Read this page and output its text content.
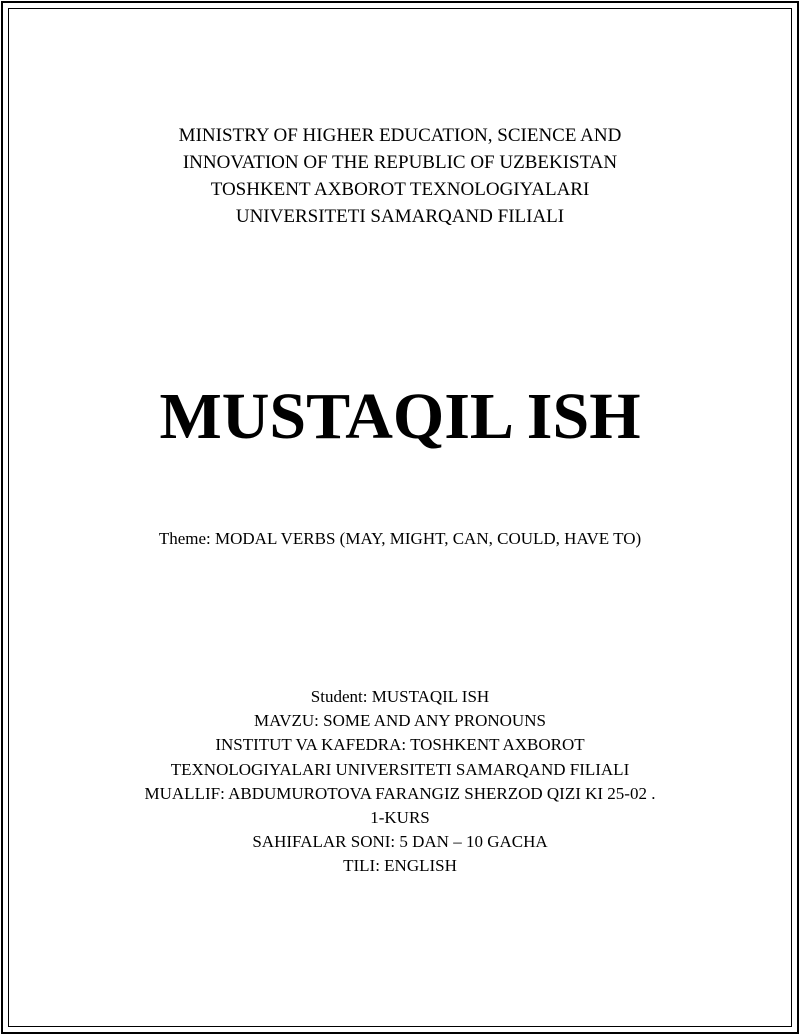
MINISTRY OF HIGHER EDUCATION, SCIENCE AND
INNOVATION OF THE REPUBLIC OF UZBEKISTAN
TOSHKENT AXBOROT TEXNOLOGIYALARI
UNIVERSITETI SAMARQAND FILIALI
MUSTAQIL ISH
Theme: MODAL VERBS (MAY, MIGHT, CAN, COULD, HAVE TO)
Student: MUSTAQIL ISH
MAVZU: SOME AND ANY PRONOUNS
INSTITUT VA KAFEDRA: TOSHKENT AXBOROT
TEXNOLOGIYALARI UNIVERSITETI SAMARQAND FILIALI
MUALLIF: ABDUMUROTOVA FARANGIZ SHERZOD QIZI KI 25-02 .
1-KURS
SAHIFALAR SONI: 5 DAN – 10 GACHA
TILI: ENGLISH
